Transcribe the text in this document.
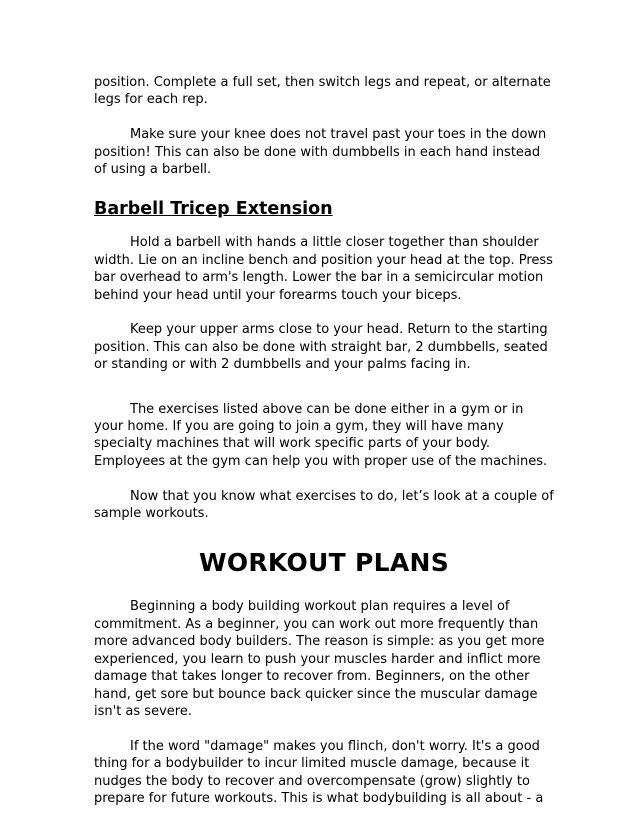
position. Complete a full set, then switch legs and repeat, or alternate legs for each rep.

Make sure your knee does not travel past your toes in the down position! This can also be done with dumbbells in each hand instead of using a barbell.

Barbell Tricep Extension

Hold a barbell with hands a little closer together than shoulder width. Lie on an incline bench and position your head at the top. Press bar overhead to arm's length. Lower the bar in a semicircular motion behind your head until your forearms touch your biceps.

Keep your upper arms close to your head. Return to the starting position. This can also be done with straight bar, 2 dumbbells, seated or standing or with 2 dumbbells and your palms facing in.

The exercises listed above can be done either in a gym or in your home. If you are going to join a gym, they will have many specialty machines that will work specific parts of your body. Employees at the gym can help you with proper use of the machines.

Now that you know what exercises to do, let’s look at a couple of sample workouts.

WORKOUT PLANS

Beginning a body building workout plan requires a level of commitment. As a beginner, you can work out more frequently than more advanced body builders. The reason is simple: as you get more experienced, you learn to push your muscles harder and inflict more damage that takes longer to recover from. Beginners, on the other hand, get sore but bounce back quicker since the muscular damage isn't as severe.

If the word "damage" makes you flinch, don't worry. It's a good thing for a bodybuilder to incur limited muscle damage, because it nudges the body to recover and overcompensate (grow) slightly to prepare for future workouts. This is what bodybuilding is all about - a
